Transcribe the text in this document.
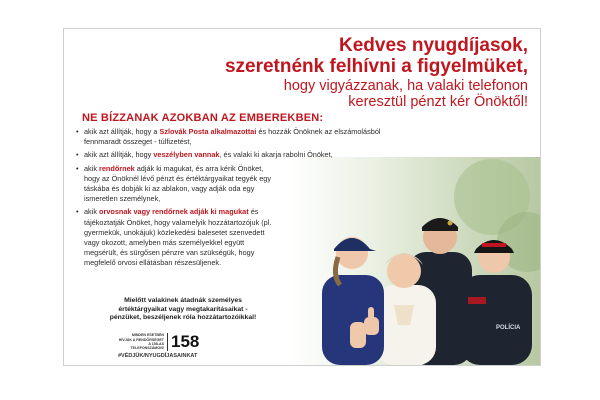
POLÍCIA
Kedves nyugdíjasok,
szeretnénk felhívni a figyelmüket,
hogy vigyázzanak, ha valaki telefonon
keresztül pénzt kér Önöktől!
NE BÍZZANAK AZOKBAN AZ EMBEREKBEN:
• akik azt állítják, hogy a Szlovák Posta alkalmazottai és hozzák Önöknek az elszámolásból fennmaradt összeget - túlfizetést,
• akik azt állítják, hogy veszélyben vannak, és valaki ki akarja rabolni Önöket,
• akik rendőrnek adják ki magukat, és arra kérik Önöket, hogy az Önöknél lévő pénzt és értéktárgyaikat tegyék egy táskába és dobják ki az ablakon, vagy adják oda egy ismeretlen személynek,
• akik orvosnak vagy rendőrnek adják ki magukat és tájékoztatják Önöket, hogy valamelyik hozzátartozójuk (pl. gyermekük, unokájuk) közlekedési balesetet szenvedett vagy okozott, amelyben más személyekkel együtt megsérült, és sürgősen pénzre van szükségük, hogy megfelelő orvosi ellátásban részesüljenek.
Mielőtt valakinek átadnák személyes értéktárgyaikat vagy megtakarításaikat - pénzüket, beszéljenek róla hozzátartozóikkal!
MINDEN ESETBEN HÍVJÁK A RENDŐRSÉGET A 158-AS TELEFONSZÁMON! 158
#VÉDJÜK/NYUGDÍJASAINKAT
